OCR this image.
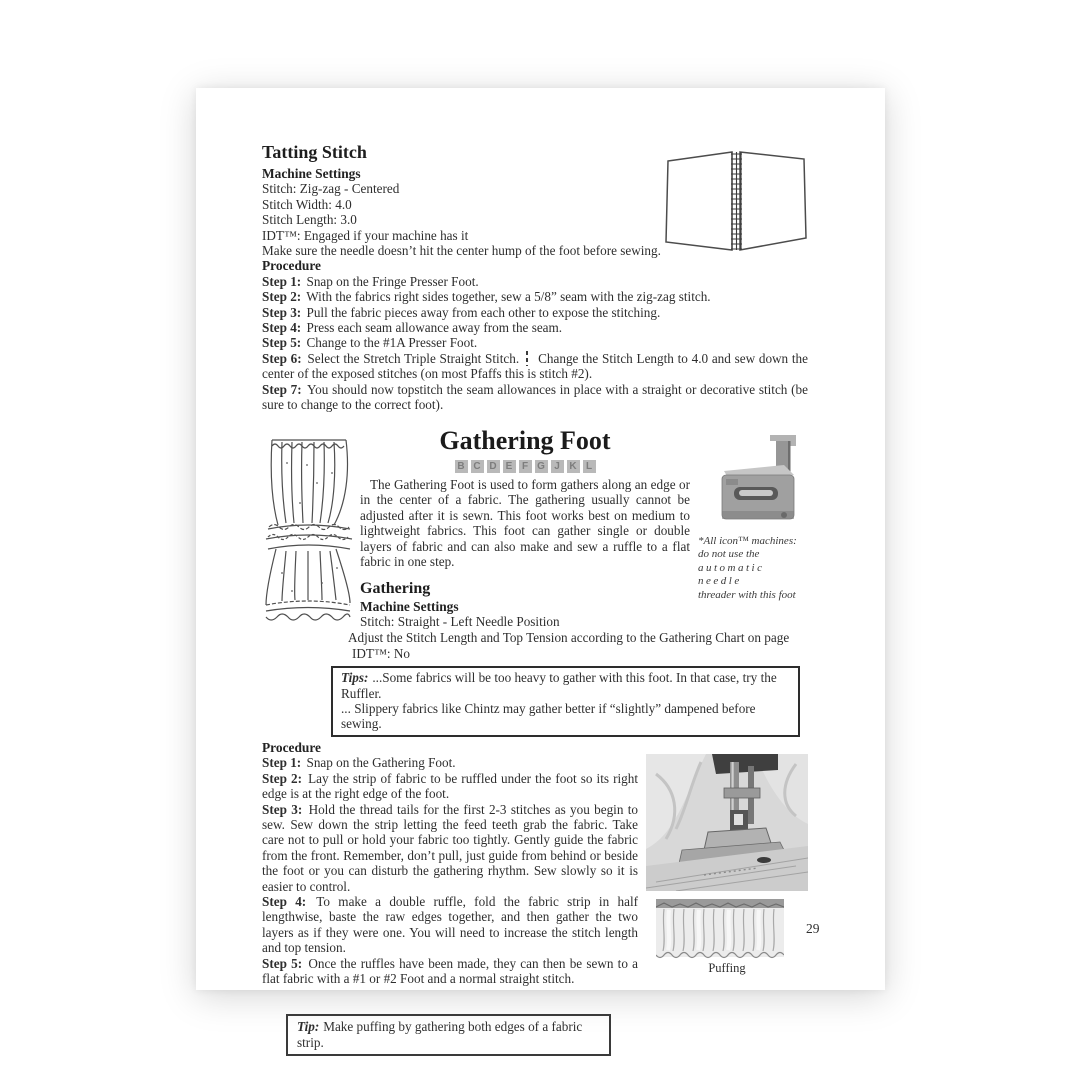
Tatting Stitch
Machine Settings

Stitch: Zig-zag - Centered

Stitch Width: 4.0

Stitch Length: 3.0

IDT™: Engaged if your machine has it

Make sure the needle doesn’t hit the center hump of the foot before sewing.

Procedure

Step 1: Snap on the Fringe Presser Foot.

Step 2: With the fabrics right sides together, sew a 5/8” seam with the zig-zag stitch.

Step 3: Pull the fabric pieces away from each other to expose the stitching.

Step 4: Press each seam allowance away from the seam.

Step 5: Change to the #1A Presser Foot.

Step 6: Select the Stretch Triple Straight Stitch. Change the Stitch Length to 4.0 and sew down the center of the exposed stitches (on most Pfaffs this is stitch #2).

Step 7: You should now topstitch the seam allowances in place with a straight or decorative stitch (be sure to change to the correct foot).

*All icon™ machines:
do not use the
automatic needle
threader with this foot
Gathering Foot
B C D E F G J K L

The Gathering Foot is used to form gathers along an edge or in the center of a fabric. The gathering usually cannot be adjusted after it is sewn. This foot works best on medium to lightweight fabrics. This foot can gather single or double layers of fabric and can also make and sew a ruffle to a flat fabric in one step.

Gathering
Machine Settings

Stitch: Straight - Left Needle Position

Adjust the Stitch Length and Top Tension according to the Gathering Chart on page

IDT™: No

Tips: ...Some fabrics will be too heavy to gather with this foot. In that case, try the Ruffler.
... Slippery fabrics like Chintz may gather better if “slightly” dampened before sewing.

Puffing

Procedure

Step 1: Snap on the Gathering Foot.

Step 2: Lay the strip of fabric to be ruffled under the foot so its right edge is at the right edge of the foot.

Step 3: Hold the thread tails for the first 2-3 stitches as you begin to sew. Sew down the strip letting the feed teeth grab the fabric. Take care not to pull or hold your fabric too tightly. Gently guide the fabric from the front. Remember, don’t pull, just guide from behind or beside the foot or you can disturb the gathering rhythm. Sew slowly so it is easier to control.

Step 4: To make a double ruffle, fold the fabric strip in half lengthwise, baste the raw edges together, and then gather the two layers as if they were one. You will need to increase the stitch length and top tension.

Step 5: Once the ruffles have been made, they can then be sewn to a flat fabric with a #1 or #2 Foot and a normal straight stitch.

Tip: Make puffing by gathering both edges of a fabric strip.
29
